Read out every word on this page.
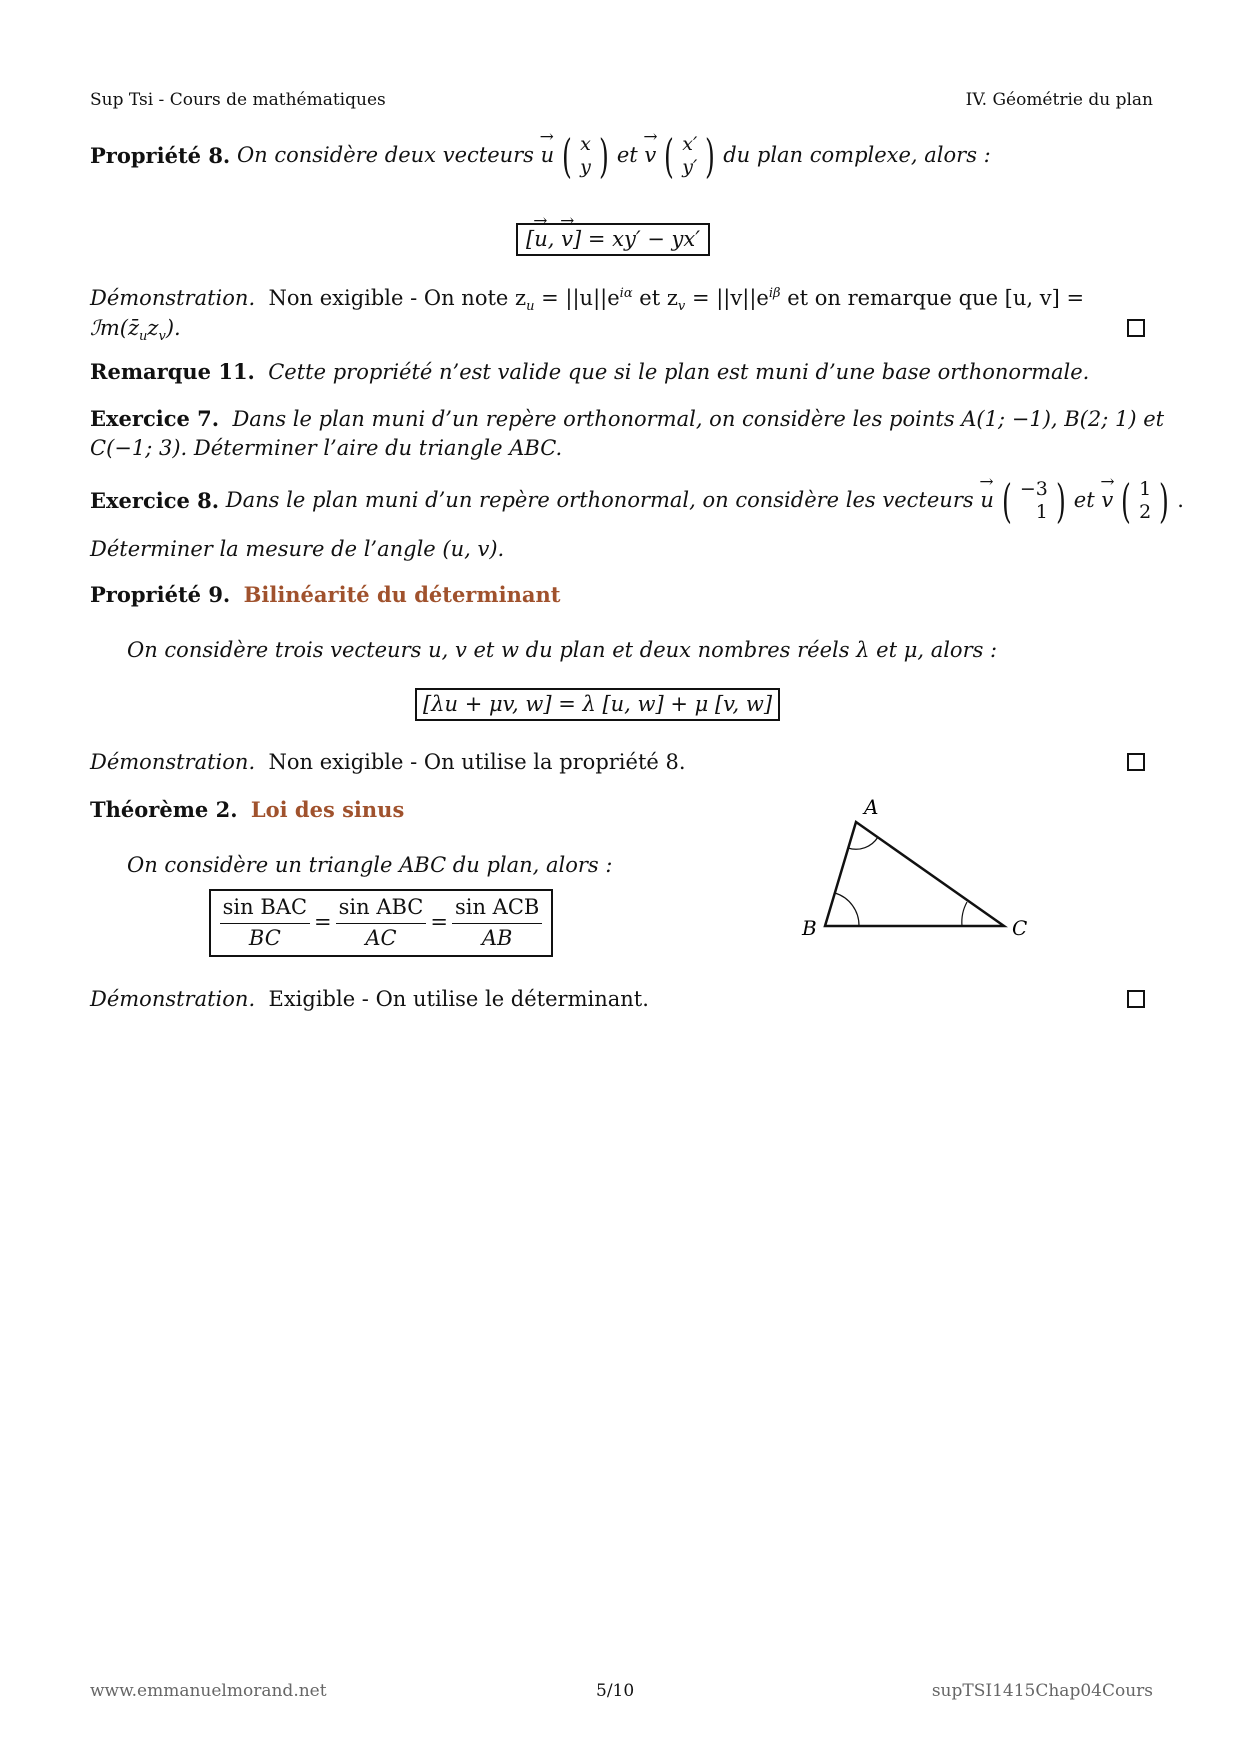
Sup Tsi - Cours de mathématiques	IV. Géométrie du plan
Propriété 8.
On considère deux vecteurs
→ u ( x
y ) et
→ v ( x′
y′ ) du plan complexe, alors :
[→ u, → v] = xy′ − yx′
Démonstration. Non exigible - On note $z_u = ||u||e^{i\alpha}$ et $z_v = ||v||e^{i\beta}$ et on remarque que [u, v] =
$ℐm(z̄_uz_v)$.
Remarque 11. Cette propriété n’est valide que si le plan est muni d’une base orthonormale.
Exercice 7. Dans le plan muni d’un repère orthonormal, on considère les points A(1; −1), B(2; 1) et
C(−1; 3). Déterminer l’aire du triangle ABC.
Exercice 8.
Dans le plan muni d’un repère orthonormal, on considère les vecteurs
→ u ( −3
1 ) et
→ v ( 1
2 ) .
Déterminer la mesure de l’angle (u, v).
Propriété 9. Bilinéarité du déterminant
On considère trois vecteurs u, v et w du plan et deux nombres réels λ et μ, alors :
[λu + μv, w] = λ [u, w] + μ [v, w]
Démonstration. Non exigible - On utilise la propriété 8.
Théorème 2. Loi des sinus
On considère un triangle ABC du plan, alors :
$\frac{\text{sin BAC}}{BC} = \frac{\text{sin ABC}}{AC} = \frac{\text{sin ACB}}{AB}$
A
B	C
Démonstration. Exigible - On utilise le déterminant.
www.emmanuelmorand.net	5/10	supTSI1415Chap04Cours
